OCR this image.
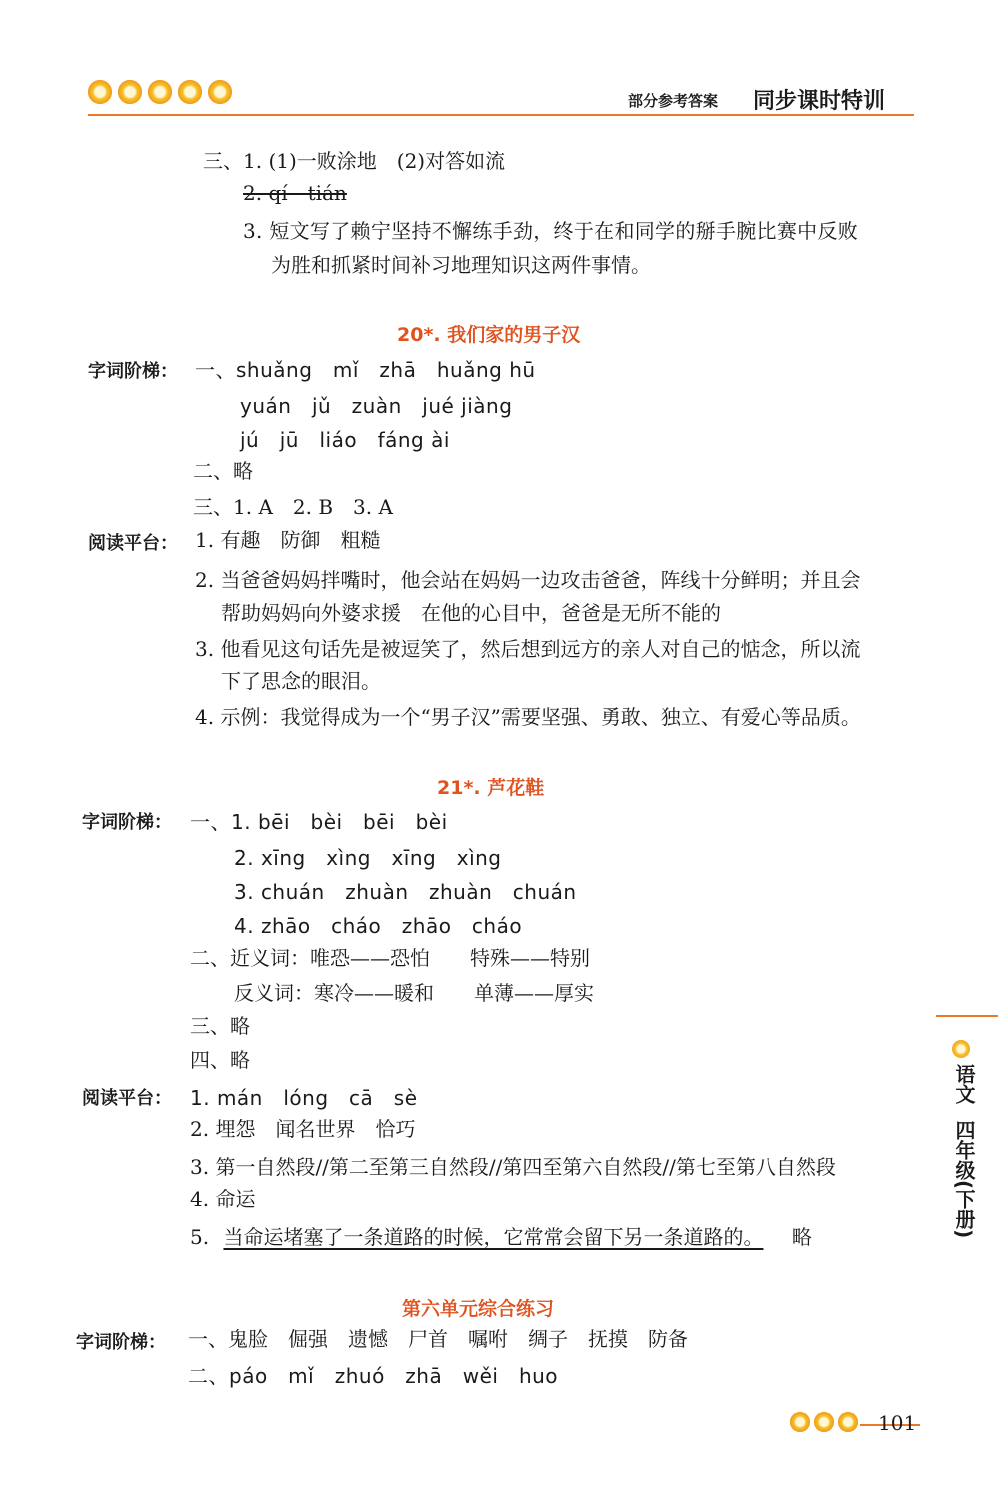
部分参考答案 同步课时特训
三、1. (1)一败涂地　(2)对答如流
2. qí　tián
3. 短文写了赖宁坚持不懈练手劲，终于在和同学的掰手腕比赛中反败
为胜和抓紧时间补习地理知识这两件事情。
20*. 我们家的男子汉
字词阶梯： 一、shuǎng　mǐ　zhā　huǎng hū
yuán　jǔ　zuàn　jué jiàng
jú　jū　liáo　fáng ài
二、略
三、1. A　2. B　3. A
阅读平台： 1. 有趣　防御　粗糙
2. 当爸爸妈妈拌嘴时，他会站在妈妈一边攻击爸爸，阵线十分鲜明；并且会
帮助妈妈向外婆求援　在他的心目中，爸爸是无所不能的
3. 他看见这句话先是被逗笑了，然后想到远方的亲人对自己的惦念，所以流
下了思念的眼泪。
4. 示例：我觉得成为一个“男子汉”需要坚强、勇敢、独立、有爱心等品质。
21*. 芦花鞋
字词阶梯： 一、1. bēi　bèi　bēi　bèi
2. xīng　xìng　xīng　xìng
3. chuán　zhuàn　zhuàn　chuán
4. zhāo　cháo　zhāo　cháo
二、近义词：唯恐——恐怕　　特殊——特别
反义词：寒冷——暖和　　单薄——厚实
三、略
四、略
阅读平台： 1. mán　lóng　cā　sè
2. 埋怨　闻名世界　恰巧
3. 第一自然段//第二至第三自然段//第四至第六自然段//第七至第八自然段
4. 命运
5. 当命运堵塞了一条道路的时候，它常常会留下另一条道路的。 略
第六单元综合练习
字词阶梯： 一、鬼脸　倔强　遗憾　尸首　嘱咐　绸子　抚摸　防备
二、páo　mǐ　zhuó　zhā　wěi　huo
语文
四年级(下册)
101
